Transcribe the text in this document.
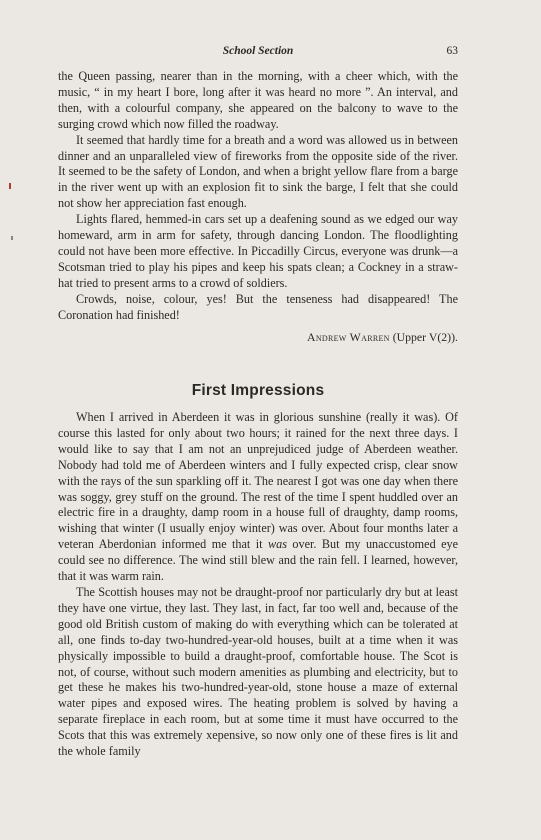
School Section	63

the Queen passing, nearer than in the morning, with a cheer which, with the music, “ in my heart I bore, long after it was heard no more ”. An interval, and then, with a colourful company, she appeared on the balcony to wave to the surging crowd which now filled the roadway.

It seemed that hardly time for a breath and a word was allowed us in between dinner and an unparalleled view of fireworks from the opposite side of the river. It seemed to be the safety of London, and when a bright yellow flare from a barge in the river went up with an explosion fit to sink the barge, I felt that she could not show her appreciation fast enough.

Lights flared, hemmed-in cars set up a deafening sound as we edged our way homeward, arm in arm for safety, through dancing London. The floodlighting could not have been more effective. In Piccadilly Circus, everyone was drunk—a Scotsman tried to play his pipes and keep his spats clean; a Cockney in a straw-hat tried to present arms to a crowd of soldiers.

Crowds, noise, colour, yes! But the tenseness had disappeared! The Coronation had finished!

Andrew Warren (Upper V(2)).
First Impressions

When I arrived in Aberdeen it was in glorious sunshine (really it was). Of course this lasted for only about two hours; it rained for the next three days. I would like to say that I am not an unprejudiced judge of Aberdeen weather. Nobody had told me of Aberdeen winters and I fully expected crisp, clear snow with the rays of the sun sparkling off it. The nearest I got was one day when there was soggy, grey stuff on the ground. The rest of the time I spent huddled over an electric fire in a draughty, damp room in a house full of draughty, damp rooms, wishing that winter (I usually enjoy winter) was over. About four months later a veteran Aberdonian informed me that it was over. But my unaccustomed eye could see no difference. The wind still blew and the rain fell. I learned, however, that it was warm rain.

The Scottish houses may not be draught-proof nor particularly dry but at least they have one virtue, they last. They last, in fact, far too well and, because of the good old British custom of making do with everything which can be tolerated at all, one finds to-day two-hundred-year-old houses, built at a time when it was physically impossible to build a draught-proof, comfortable house. The Scot is not, of course, without such modern amenities as plumbing and electricity, but to get these he makes his two-hundred-year-old, stone house a maze of external water pipes and exposed wires. The heating problem is solved by having a separate fireplace in each room, but at some time it must have occurred to the Scots that this was extremely xepensive, so now only one of these fires is lit and the whole family
